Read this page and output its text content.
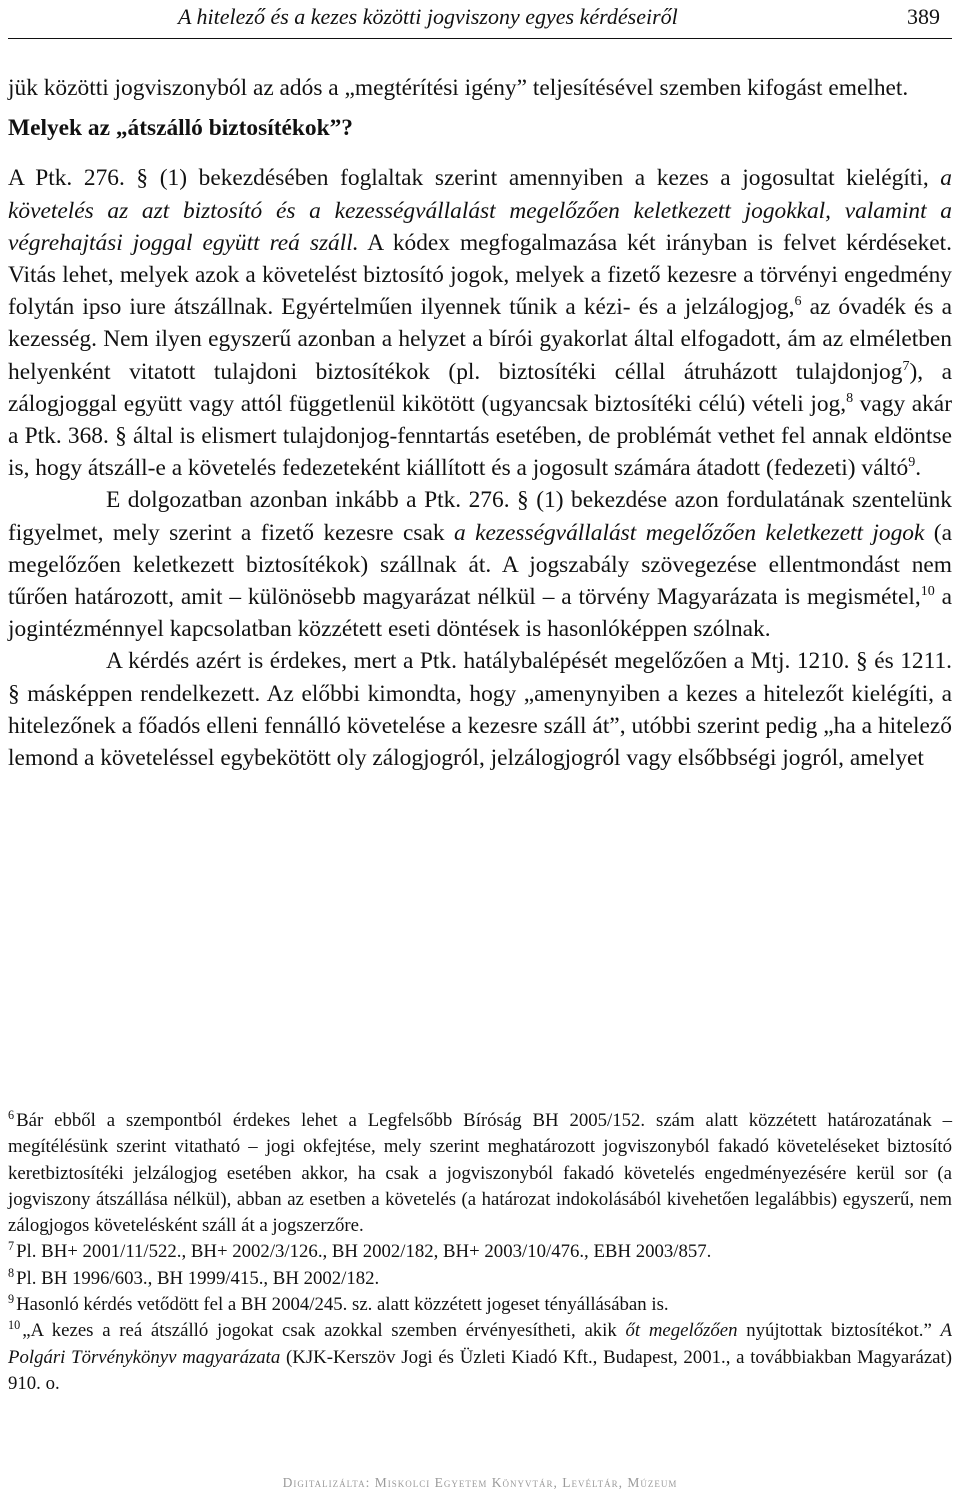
A hitelező és a kezes közötti jogviszony egyes kérdéseiről	389

jük közötti jogviszonyból az adós a „megtérítési igény” teljesítésével szemben kifogást emelhet.

Melyek az „átszálló biztosítékok”?

A Ptk. 276. § (1) bekezdésében foglaltak szerint amennyiben a kezes a jogosultat kielégíti, a követelés az azt biztosító és a kezességvállalást megelőzően keletkezett jogokkal, valamint a végrehajtási joggal együtt reá száll. A kódex megfogalmazása két irányban is felvet kérdéseket. Vitás lehet, melyek azok a követelést biztosító jogok, melyek a fizető kezesre a törvényi engedmény folytán ipso iure átszállnak. Egyértelműen ilyennek tűnik a kézi- és a jelzálogjog,$^6$ az óvadék és a kezesség. Nem ilyen egyszerű azonban a helyzet a bírói gyakorlat által elfogadott, ám az elméletben helyenként vitatott tulajdoni biztosítékok (pl. biztosítéki céllal átruházott tulajdonjog$^7$), a zálogjoggal együtt vagy attól függetlenül kikötött (ugyancsak biztosítéki célú) vételi jog,$^8$ vagy akár a Ptk. 368. § által is elismert tulajdonjog-fenntartás esetében, de problémát vethet fel annak eldöntse is, hogy átszáll-e a követelés fedezeteként kiállított és a jogosult számára átadott (fedezeti) váltó$^9$.

E dolgozatban azonban inkább a Ptk. 276. § (1) bekezdése azon fordulatának szentelünk figyelmet, mely szerint a fizető kezesre csak a kezességvállalást megelőzően keletkezett jogok (a megelőzően keletkezett biztosítékok) szállnak át. A jogszabály szövegezése ellentmondást nem tűrően határozott, amit – különösebb magyarázat nélkül – a törvény Magyarázata is megismétel,$^{10}$ a jogintézménnyel kapcsolatban közzétett eseti döntések is hasonlóképpen szólnak.

A kérdés azért is érdekes, mert a Ptk. hatálybalépését megelőzően a Mtj. 1210. § és 1211. § másképpen rendelkezett. Az előbbi kimondta, hogy „amenynyiben a kezes a hitelezőt kielégíti, a hitelezőnek a főadós elleni fennálló követelése a kezesre száll át”, utóbbi szerint pedig „ha a hitelező lemond a követeléssel egybekötött oly zálogjogról, jelzálogjogról vagy elsőbbségi jogról, amelyet

$^6$ Bár ebből a szempontból érdekes lehet a Legfelsőbb Bíróság BH 2005/152. szám alatt közzétett határozatának – megítélésünk szerint vitatható – jogi okfejtése, mely szerint meghatározott jogviszonyból fakadó követeléseket biztosító keretbiztosítéki jelzálogjog esetében akkor, ha csak a jogviszonyból fakadó követelés engedményezésére kerül sor (a jogviszony átszállása nélkül), abban az esetben a követelés (a határozat indokolásából kivehetően legalábbis) egyszerű, nem zálogjogos követelésként száll át a jogszerzőre.

$^7$ Pl. BH+ 2001/11/522., BH+ 2002/3/126., BH 2002/182, BH+ 2003/10/476., EBH 2003/857.

$^8$ Pl. BH 1996/603., BH 1999/415., BH 2002/182.

$^9$ Hasonló kérdés vetődött fel a BH 2004/245. sz. alatt közzétett jogeset tényállásában is.

$^{10}$ „A kezes a reá átszálló jogokat csak azokkal szemben érvényesítheti, akik őt megelőzően nyújtottak biztosítékot.” A Polgári Törvénykönyv magyarázata (KJK-Kerszöv Jogi és Üzleti Kiadó Kft., Budapest, 2001., a továbbiakban Magyarázat) 910. o.

Digitalizálta: Miskolci Egyetem Könyvtár, Levéltár, Múzeum
